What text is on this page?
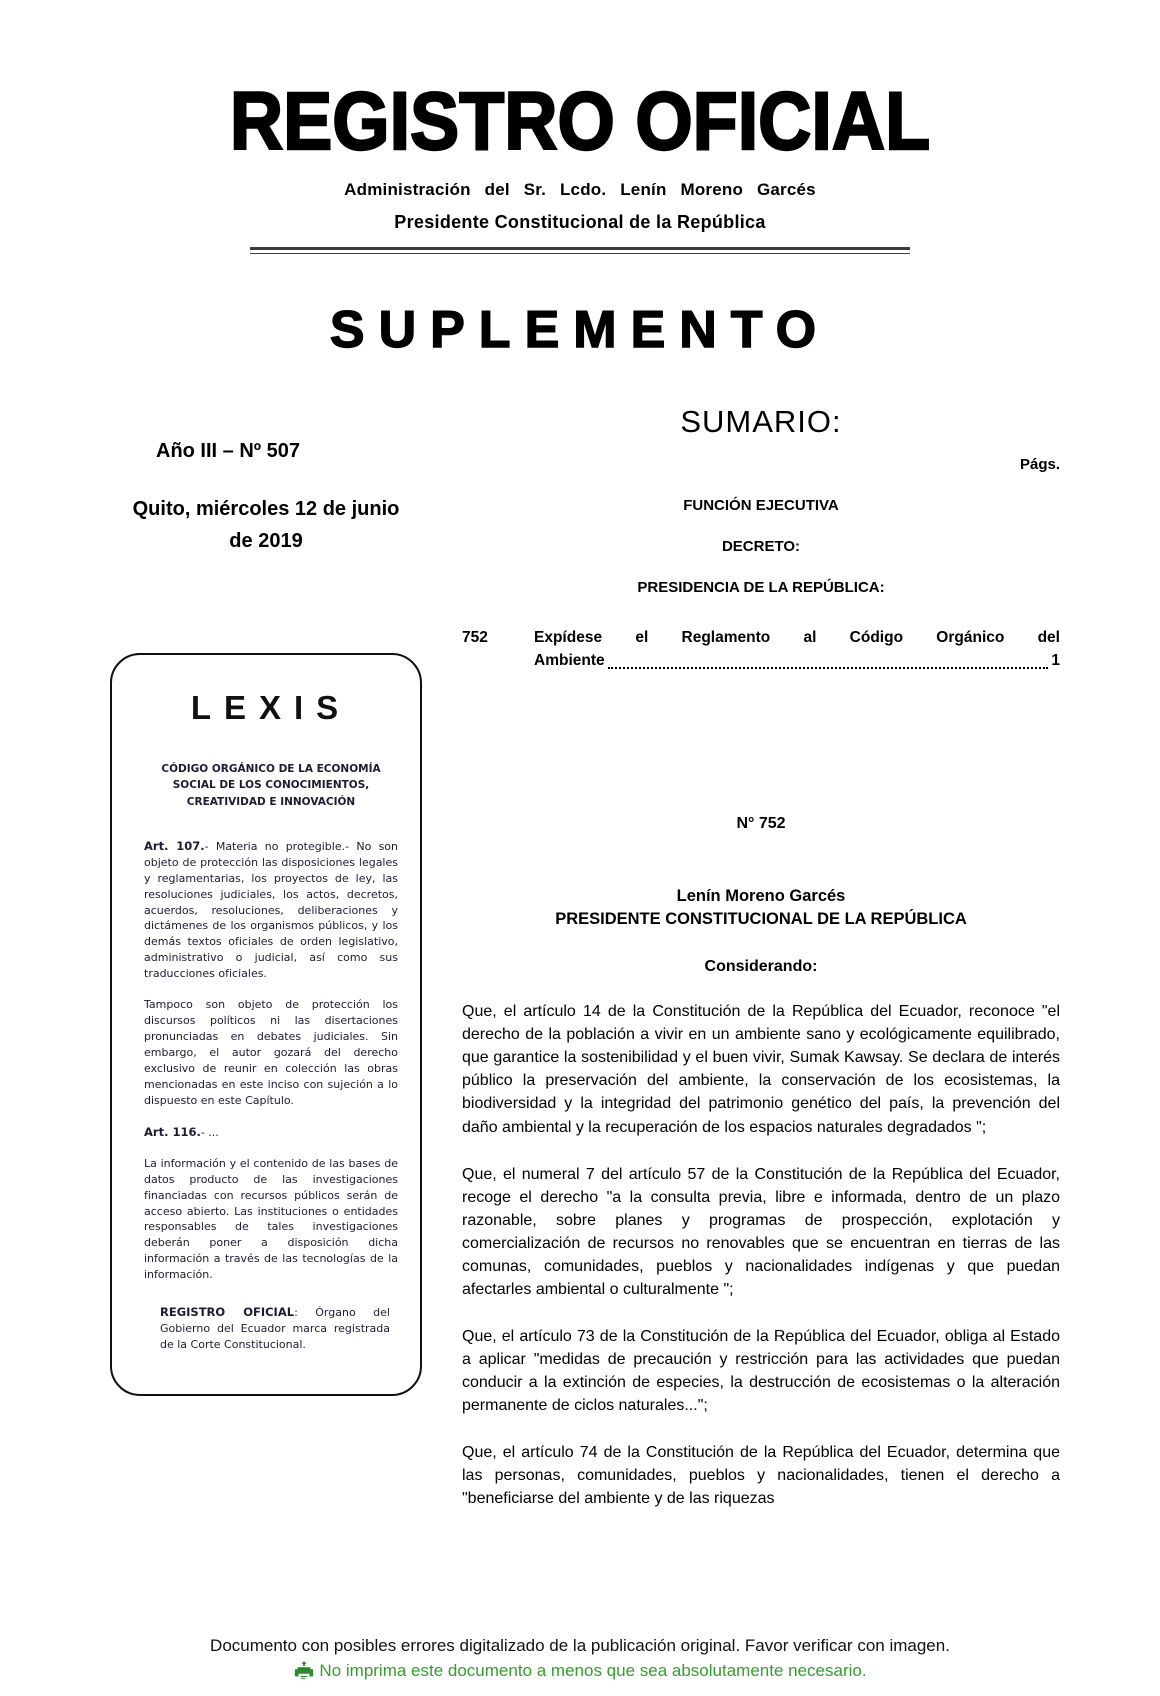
REGISTRO OFICIAL
Administración del Sr. Lcdo. Lenín Moreno Garcés
Presidente Constitucional de la República
SUPLEMENTO
Año III – Nº 507
Quito, miércoles 12 de junio
de 2019
LEXIS
CÓDIGO ORGÁNICO DE LA ECONOMÍA SOCIAL DE LOS CONOCIMIENTOS, CREATIVIDAD E INNOVACIÓN

Art. 107.- Materia no protegible.- No son objeto de protección las disposiciones legales y reglamentarias, los proyectos de ley, las resoluciones judiciales, los actos, decretos, acuerdos, resoluciones, deliberaciones y dictámenes de los organismos públicos, y los demás textos oficiales de orden legislativo, administrativo o judicial, así como sus traducciones oficiales.

Tampoco son objeto de protección los discursos políticos ni las disertaciones pronunciadas en debates judiciales. Sin embargo, el autor gozará del derecho exclusivo de reunir en colección las obras mencionadas en este inciso con sujeción a lo dispuesto en este Capítulo.

Art. 116.- ...

La información y el contenido de las bases de datos producto de las investigaciones financiadas con recursos públicos serán de acceso abierto. Las instituciones o entidades responsables de tales investigaciones deberán poner a disposición dicha información a través de las tecnologías de la información.

REGISTRO OFICIAL: Órgano del Gobierno del Ecuador marca registrada de la Corte Constitucional.

SUMARIO:
Págs.
FUNCIÓN EJECUTIVA
DECRETO:
PRESIDENCIA DE LA REPÚBLICA:
752	Expídese el Reglamento al Código Orgánico del
Ambiente	1
N° 752
Lenín Moreno Garcés
PRESIDENTE CONSTITUCIONAL DE LA REPÚBLICA
Considerando:

Que, el artículo 14 de la Constitución de la República del Ecuador, reconoce "el derecho de la población a vivir en un ambiente sano y ecológicamente equilibrado, que garantice la sostenibilidad y el buen vivir, Sumak Kawsay. Se declara de interés público la preservación del ambiente, la conservación de los ecosistemas, la biodiversidad y la integridad del patrimonio genético del país, la prevención del daño ambiental y la recuperación de los espacios naturales degradados ";

Que, el numeral 7 del artículo 57 de la Constitución de la República del Ecuador, recoge el derecho "a la consulta previa, libre e informada, dentro de un plazo razonable, sobre planes y programas de prospección, explotación y comercialización de recursos no renovables que se encuentran en tierras de las comunas, comunidades, pueblos y nacionalidades indígenas y que puedan afectarles ambiental o culturalmente ";

Que, el artículo 73 de la Constitución de la República del Ecuador, obliga al Estado a aplicar "medidas de precaución y restricción para las actividades que puedan conducir a la extinción de especies, la destrucción de ecosistemas o la alteración permanente de ciclos naturales...";

Que, el artículo 74 de la Constitución de la República del Ecuador, determina que las personas, comunidades, pueblos y nacionalidades, tienen el derecho a "beneficiarse del ambiente y de las riquezas

Documento con posibles errores digitalizado de la publicación original. Favor verificar con imagen.
No imprima este documento a menos que sea absolutamente necesario.
